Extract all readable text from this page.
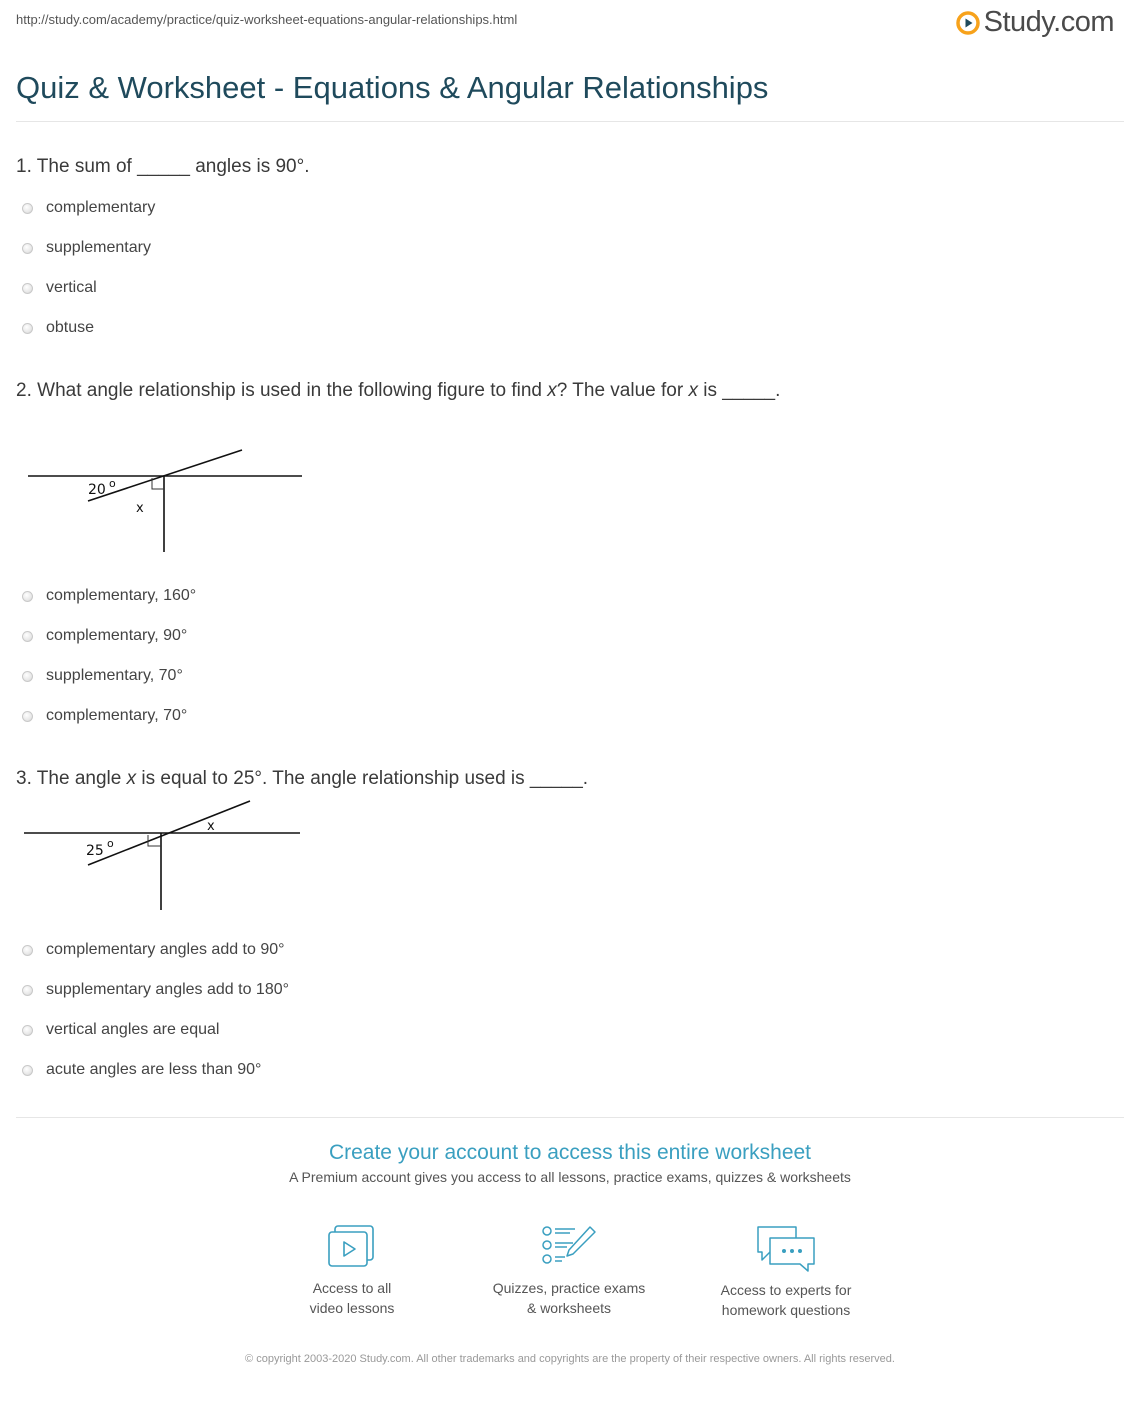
http://study.com/academy/practice/quiz-worksheet-equations-angular-relationships.html	Study.com
Quiz & Worksheet - Equations & Angular Relationships
1. The sum of _____ angles is 90°.
complementary
supplementary
vertical
obtuse
2. What angle relationship is used in the following figure to find x? The value for x is _____.
20 o
x
complementary, 160°
complementary, 90°
supplementary, 70°
complementary, 70°
3. The angle x is equal to 25°. The angle relationship used is _____.
25 o
x
complementary angles add to 90°
supplementary angles add to 180°
vertical angles are equal
acute angles are less than 90°
Create your account to access this entire worksheet
A Premium account gives you access to all lessons, practice exams, quizzes & worksheets
Access to all
video lessons
Quizzes, practice exams
& worksheets
Access to experts for
homework questions
© copyright 2003-2020 Study.com. All other trademarks and copyrights are the property of their respective owners. All rights reserved.
